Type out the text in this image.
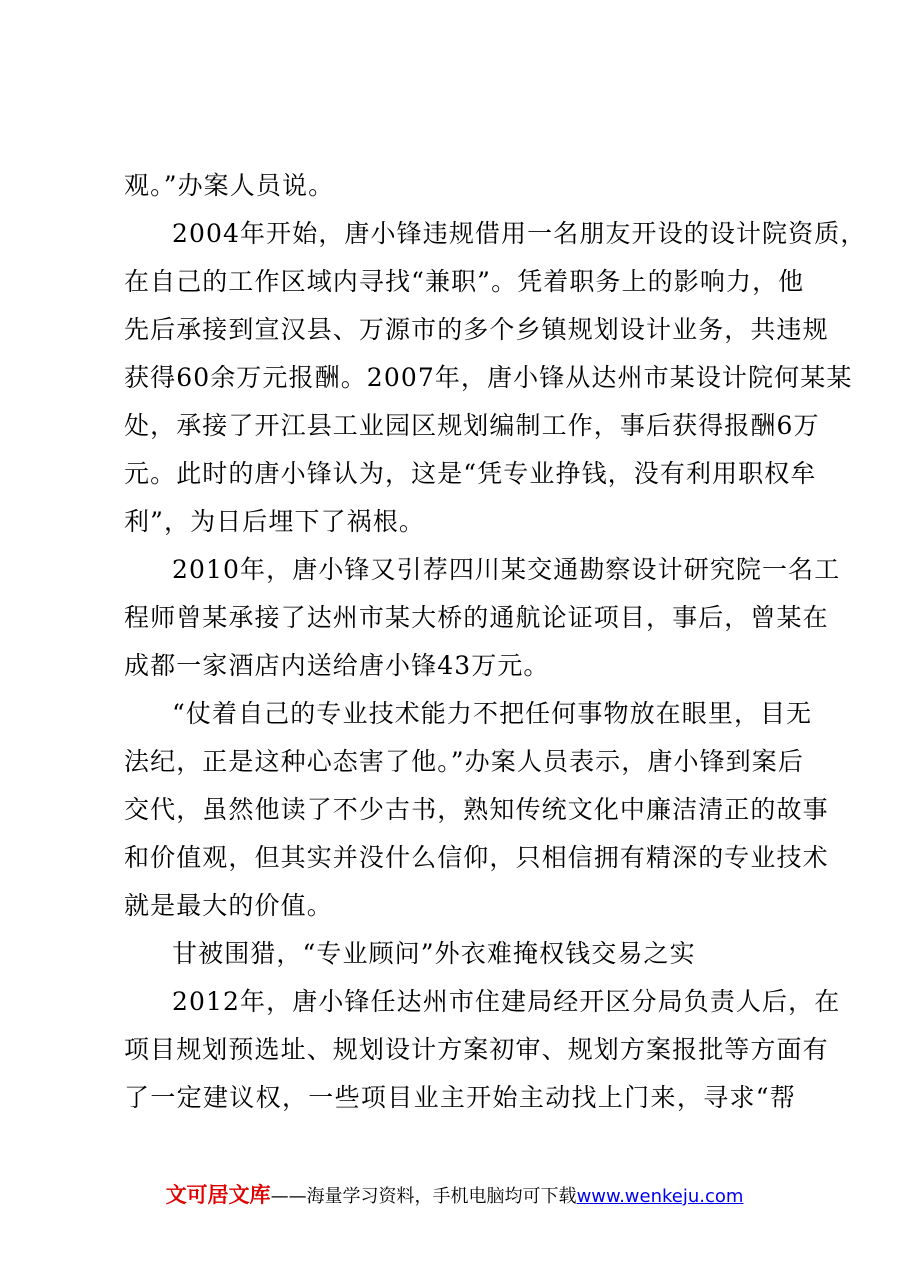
观。”办案人员说。
2004年开始，唐小锋违规借用一名朋友开设的设计院资质，
在自己的工作区域内寻找“兼职”。凭着职务上的影响力，他
先后承接到宣汉县、万源市的多个乡镇规划设计业务，共违规
获得60余万元报酬。2007年，唐小锋从达州市某设计院何某某
处，承接了开江县工业园区规划编制工作，事后获得报酬6万
元。此时的唐小锋认为，这是“凭专业挣钱，没有利用职权牟
利”，为日后埋下了祸根。
2010年，唐小锋又引荐四川某交通勘察设计研究院一名工
程师曾某承接了达州市某大桥的通航论证项目，事后，曾某在
成都一家酒店内送给唐小锋43万元。
“仗着自己的专业技术能力不把任何事物放在眼里，目无
法纪，正是这种心态害了他。”办案人员表示，唐小锋到案后
交代，虽然他读了不少古书，熟知传统文化中廉洁清正的故事
和价值观，但其实并没什么信仰，只相信拥有精深的专业技术
就是最大的价值。
甘被围猎，“专业顾问”外衣难掩权钱交易之实
2012年，唐小锋任达州市住建局经开区分局负责人后，在
项目规划预选址、规划设计方案初审、规划方案报批等方面有
了一定建议权，一些项目业主开始主动找上门来，寻求“帮
文可居文库——海量学习资料，手机电脑均可下载www.wenkeju.com
